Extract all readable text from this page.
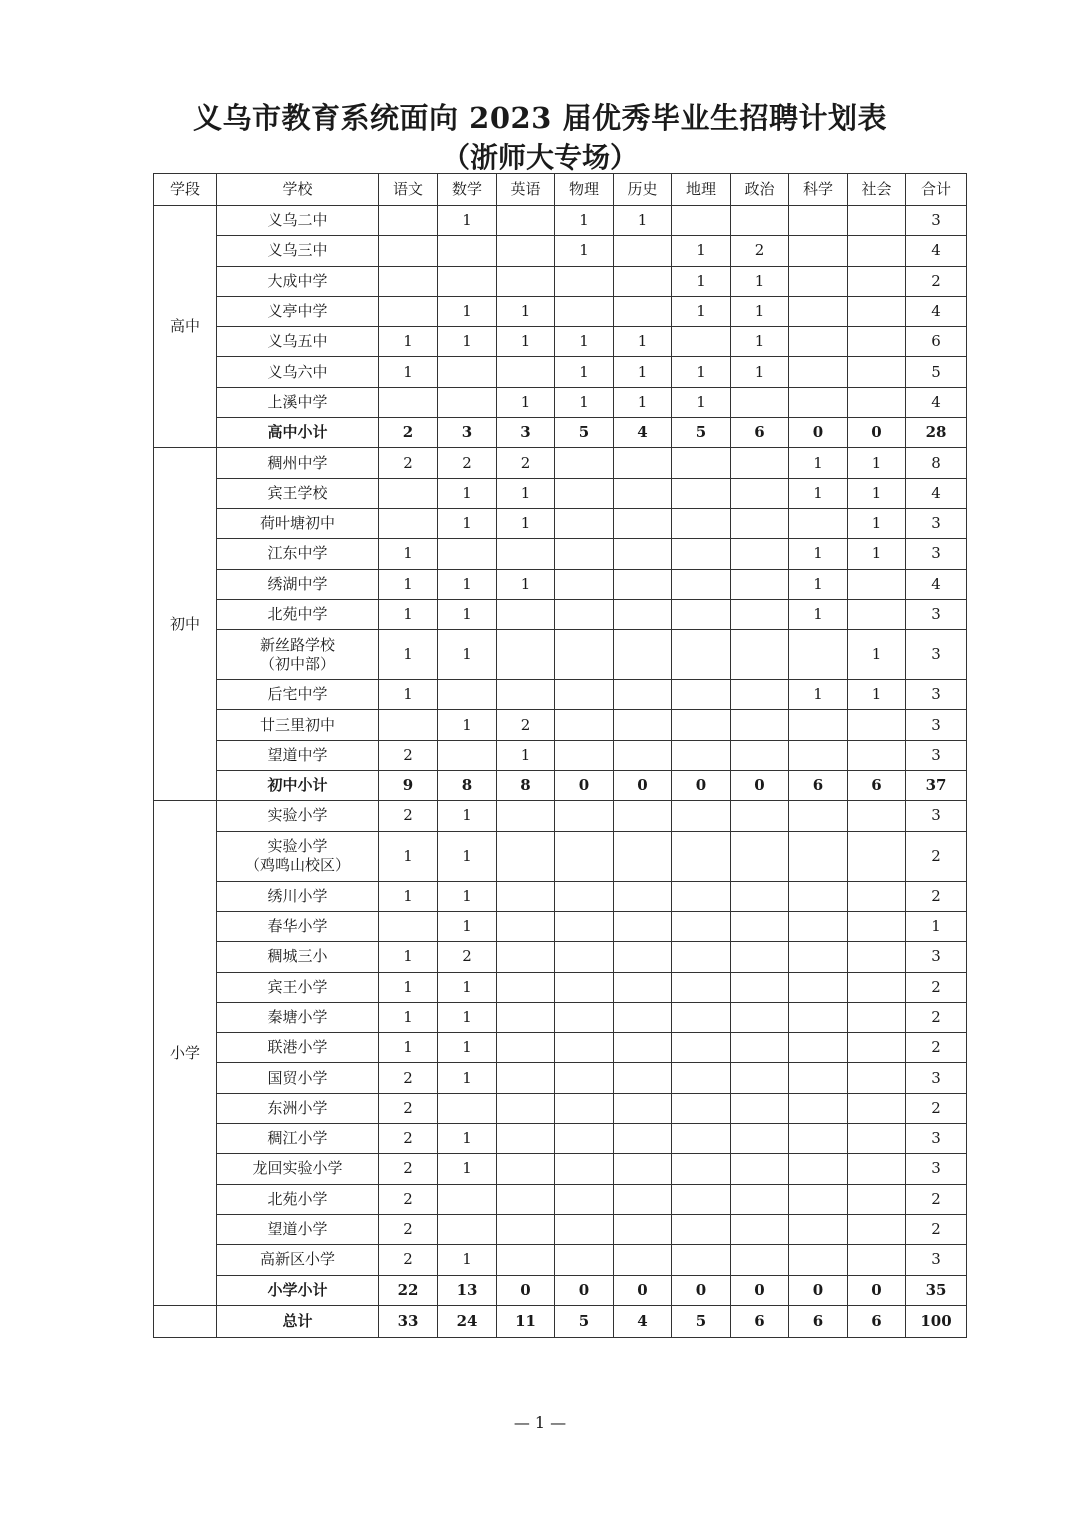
义乌市教育系统面向 2023 届优秀毕业生招聘计划表
（浙师大专场）
学段	学校	语文	数学	英语	物理	历史	地理	政治	科学	社会	合计
高中	义乌二中		1		1	1					3
	义乌三中				1		1	2			4
	大成中学						1	1			2
	义亭中学		1	1			1	1			4
	义乌五中	1	1	1	1	1		1			6
	义乌六中	1			1	1	1	1			5
	上溪中学			1	1	1	1				4
	高中小计	2	3	3	5	4	5	6	0	0	28
初中	稠州中学	2	2	2					1	1	8
	宾王学校		1	1					1	1	4
	荷叶塘初中		1	1						1	3
	江东中学	1							1	1	3
	绣湖中学	1	1	1					1		4
	北苑中学	1	1						1		3
	新丝路学校
（初中部）	1	1							1	3
	后宅中学	1							1	1	3
	廿三里初中		1	2							3
	望道中学	2		1							3
	初中小计	9	8	8	0	0	0	0	6	6	37
小学	实验小学	2	1								3
	实验小学
（鸡鸣山校区）	1	1								2
	绣川小学	1	1								2
	春华小学		1								1
	稠城三小	1	2								3
	宾王小学	1	1								2
	秦塘小学	1	1								2
	联港小学	1	1								2
	国贸小学	2	1								3
	东洲小学	2									2
	稠江小学	2	1								3
	龙回实验小学	2	1								3
	北苑小学	2									2
	望道小学	2									2
	高新区小学	2	1								3
	小学小计	22	13	0	0	0	0	0	0	0	35
	总计	33	24	11	5	4	5	6	6	6	100
— 1 —
